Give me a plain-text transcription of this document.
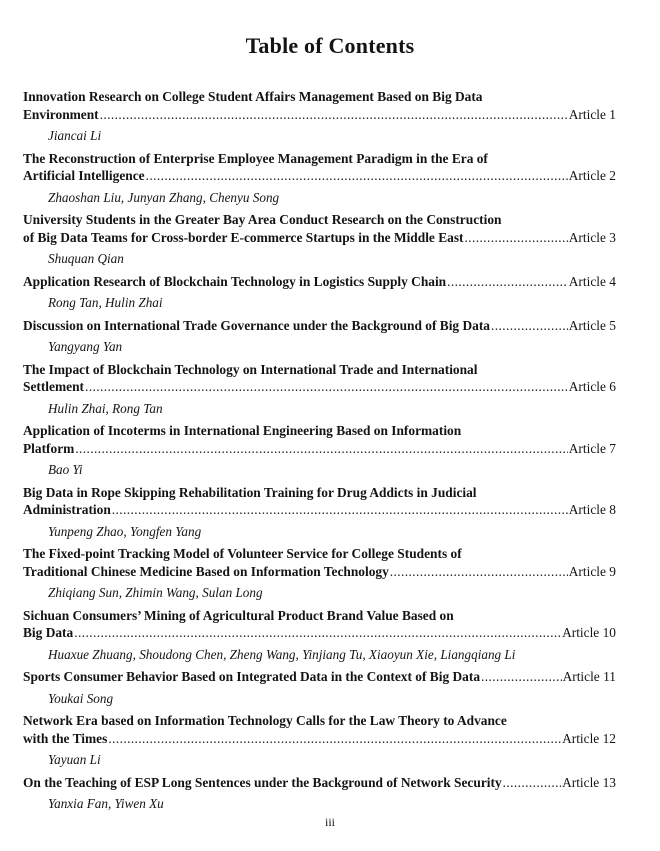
Table of Contents
Innovation Research on College Student Affairs Management Based on Big Data
Environment .....	Article 1
Jiancai Li
The Reconstruction of Enterprise Employee Management Paradigm in the Era of
Artificial Intelligence .....	Article 2
Zhaoshan Liu, Junyan Zhang, Chenyu Song
University Students in the Greater Bay Area Conduct Research on the Construction
of Big Data Teams for Cross-border E-commerce Startups in the Middle East .....	Article 3
Shuquan Qian
Application Research of Blockchain Technology in Logistics Supply Chain .....	Article 4
Rong Tan, Hulin Zhai
Discussion on International Trade Governance under the Background of Big Data .....	Article 5
Yangyang Yan
The Impact of Blockchain Technology on International Trade and International
Settlement .....	Article 6
Hulin Zhai, Rong Tan
Application of Incoterms in International Engineering Based on Information
Platform .....	Article 7
Bao Yi
Big Data in Rope Skipping Rehabilitation Training for Drug Addicts in Judicial
Administration .....	Article 8
Yunpeng Zhao, Yongfen Yang
The Fixed-point Tracking Model of Volunteer Service for College Students of
Traditional Chinese Medicine Based on Information Technology .....	Article 9
Zhiqiang Sun, Zhimin Wang, Sulan Long
Sichuan Consumers’ Mining of Agricultural Product Brand Value Based on
Big Data .....	Article 10
Huaxue Zhuang, Shoudong Chen, Zheng Wang, Yinjiang Tu, Xiaoyun Xie, Liangqiang Li
Sports Consumer Behavior Based on Integrated Data in the Context of Big Data .....	Article 11
Youkai Song
Network Era based on Information Technology Calls for the Law Theory to Advance
with the Times .....	Article 12
Yayuan Li
On the Teaching of ESP Long Sentences under the Background of Network Security .....	Article 13
Yanxia Fan, Yiwen Xu
iii
